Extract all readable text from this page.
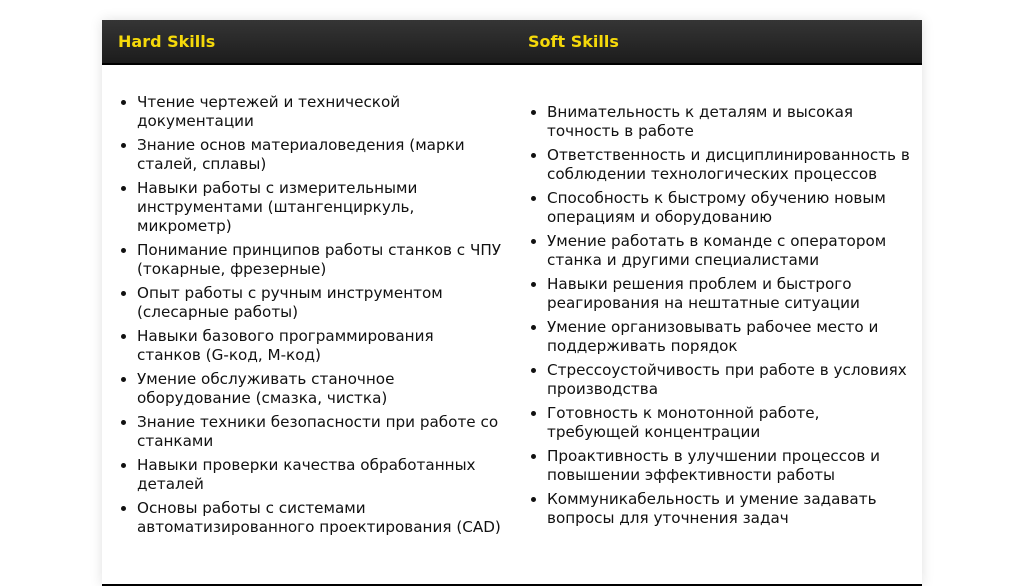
Hard Skills	Soft Skills
• Чтение чертежей и технической документации
• Знание основ материаловедения (марки сталей, сплавы)
• Навыки работы с измерительными инструментами (штангенциркуль, микрометр)
• Понимание принципов работы станков с ЧПУ (токарные, фрезерные)
• Опыт работы с ручным инструментом (слесарные работы)
• Навыки базового программирования станков (G-код, M-код)
• Умение обслуживать станочное оборудование (смазка, чистка)
• Знание техники безопасности при работе со станками
• Навыки проверки качества обработанных деталей
• Основы работы с системами автоматизированного проектирования (CAD)
• Внимательность к деталям и высокая точность в работе
• Ответственность и дисциплинированность в соблюдении технологических процессов
• Способность к быстрому обучению новым операциям и оборудованию
• Умение работать в команде с оператором станка и другими специалистами
• Навыки решения проблем и быстрого реагирования на нештатные ситуации
• Умение организовывать рабочее место и поддерживать порядок
• Стрессоустойчивость при работе в условиях производства
• Готовность к монотонной работе, требующей концентрации
• Проактивность в улучшении процессов и повышении эффективности работы
• Коммуникабельность и умение задавать вопросы для уточнения задач
